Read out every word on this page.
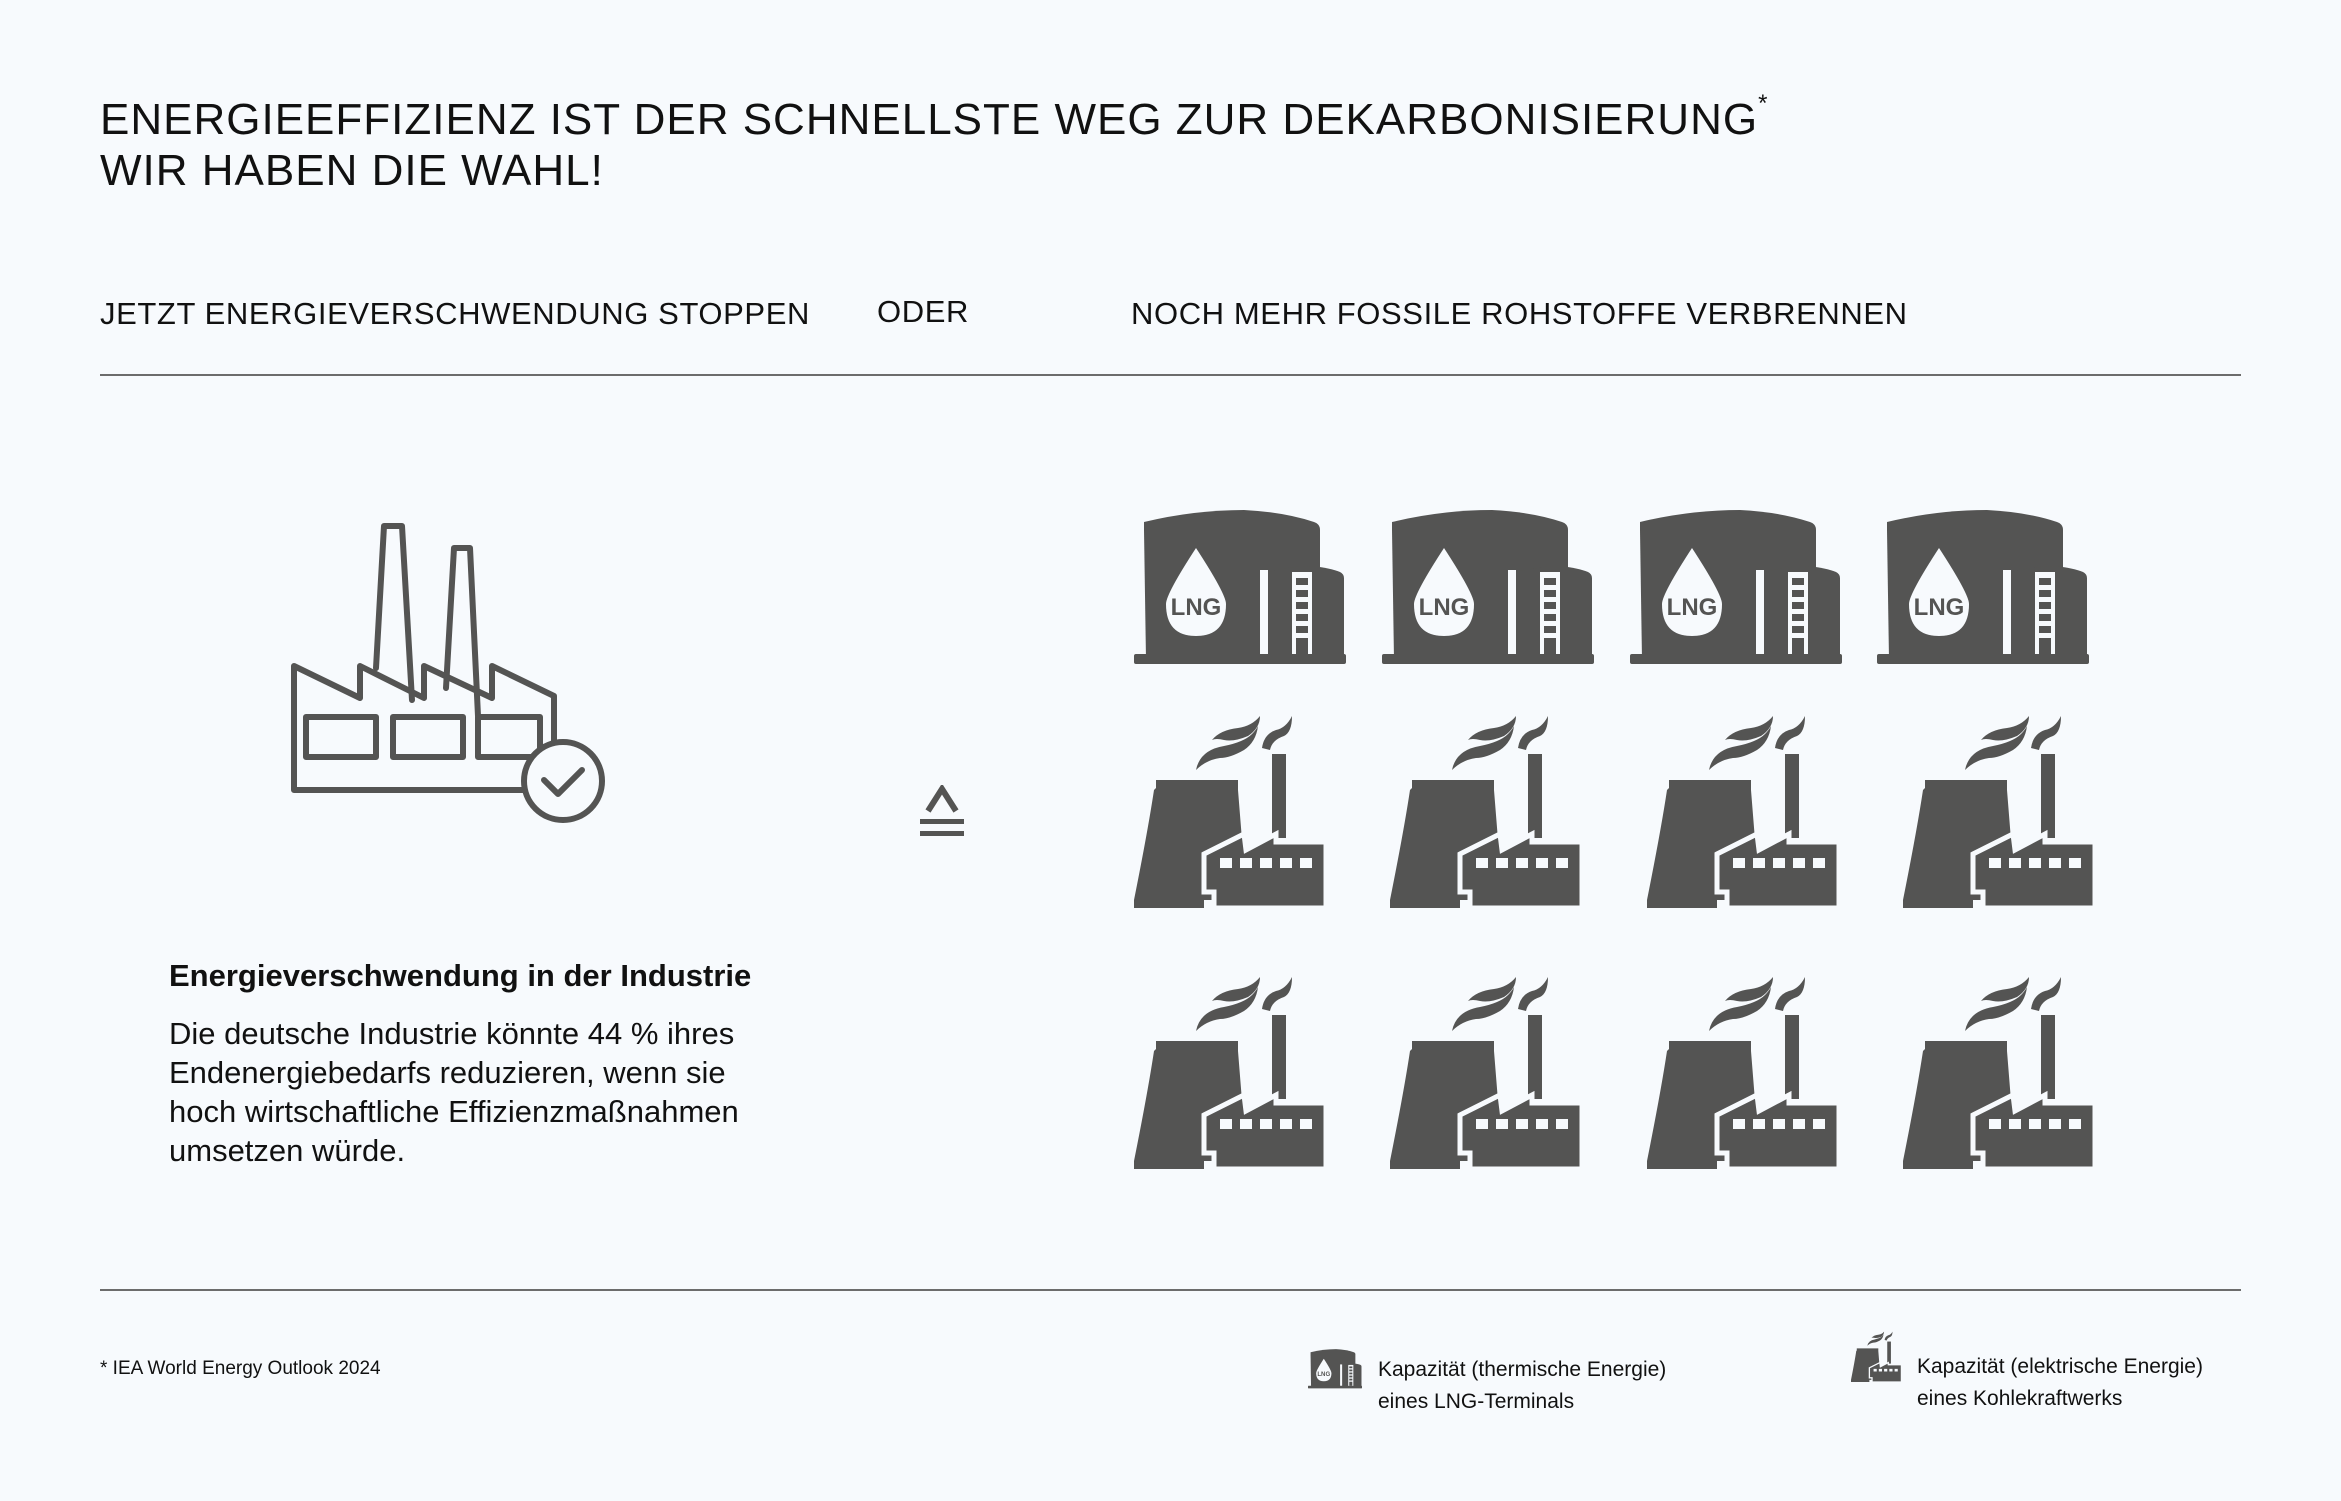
ENERGIEEFFIZIENZ IST DER SCHNELLSTE WEG ZUR DEKARBONISIERUNG*
WIR HABEN DIE WAHL!
JETZT ENERGIEVERSCHWENDUNG STOPPEN ODER	NOCH MEHR FOSSILE ROHSTOFFE VERBRENNEN
Energieverschwendung in der Industrie
Die deutsche Industrie könnte 44 % ihres
Endenergiebedarfs reduzieren, wenn sie
hoch wirtschaftliche Effizienzmaßnahmen
umsetzen würde.
* IEA World Energy Outlook 2024	Kapazität (thermische Energie)
eines LNG-Terminals
Kapazität (elektrische Energie)
eines Kohlekraftwerks
